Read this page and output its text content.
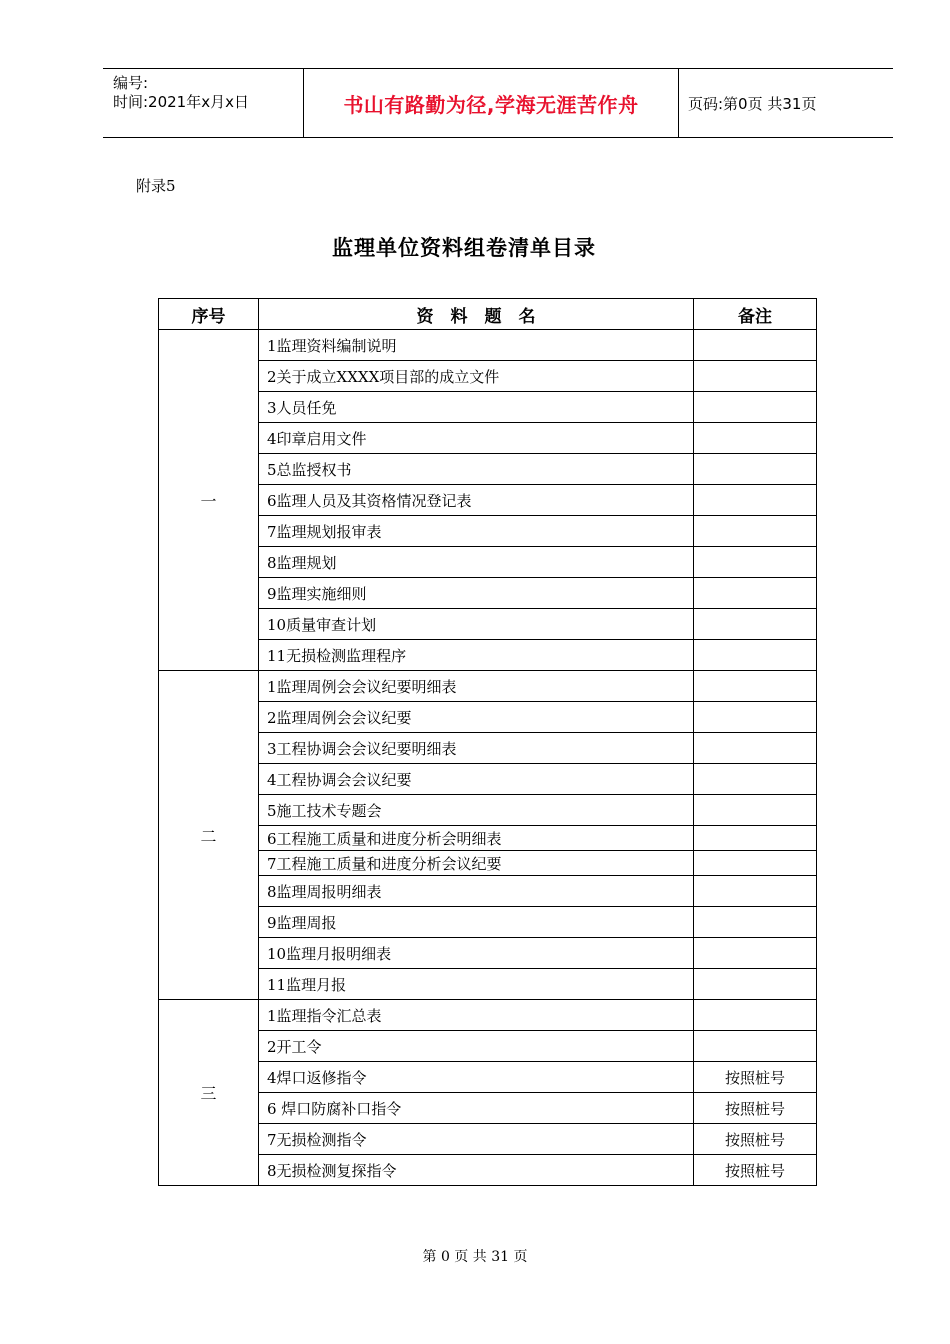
编号:
时间:2021年x月x日	书山有路勤为径,学海无涯苦作舟	页码:第0页 共31页
附录5
监理单位资料组卷清单目录
序号	资　料　题　名	备注
一	1监理资料编制说明	
	2关于成立XXXX项目部的成立文件	
	3人员任免	
	4印章启用文件	
	5总监授权书	
	6监理人员及其资格情况登记表	
	7监理规划报审表	
	8监理规划	
	9监理实施细则	
	10质量审查计划	
	11无损检测监理程序	
二	1监理周例会会议纪要明细表	
	2监理周例会会议纪要	
	3工程协调会会议纪要明细表	
	4工程协调会会议纪要	
	5施工技术专题会	
	6工程施工质量和进度分析会明细表	
	7工程施工质量和进度分析会议纪要	
	8监理周报明细表	
	9监理周报	
	10监理月报明细表	
	11监理月报	
三	1监理指令汇总表	
	2开工令	
	4焊口返修指令	按照桩号
	6 焊口防腐补口指令	按照桩号
	7无损检测指令	按照桩号
	8无损检测复探指令	按照桩号
第 0 页 共 31 页
